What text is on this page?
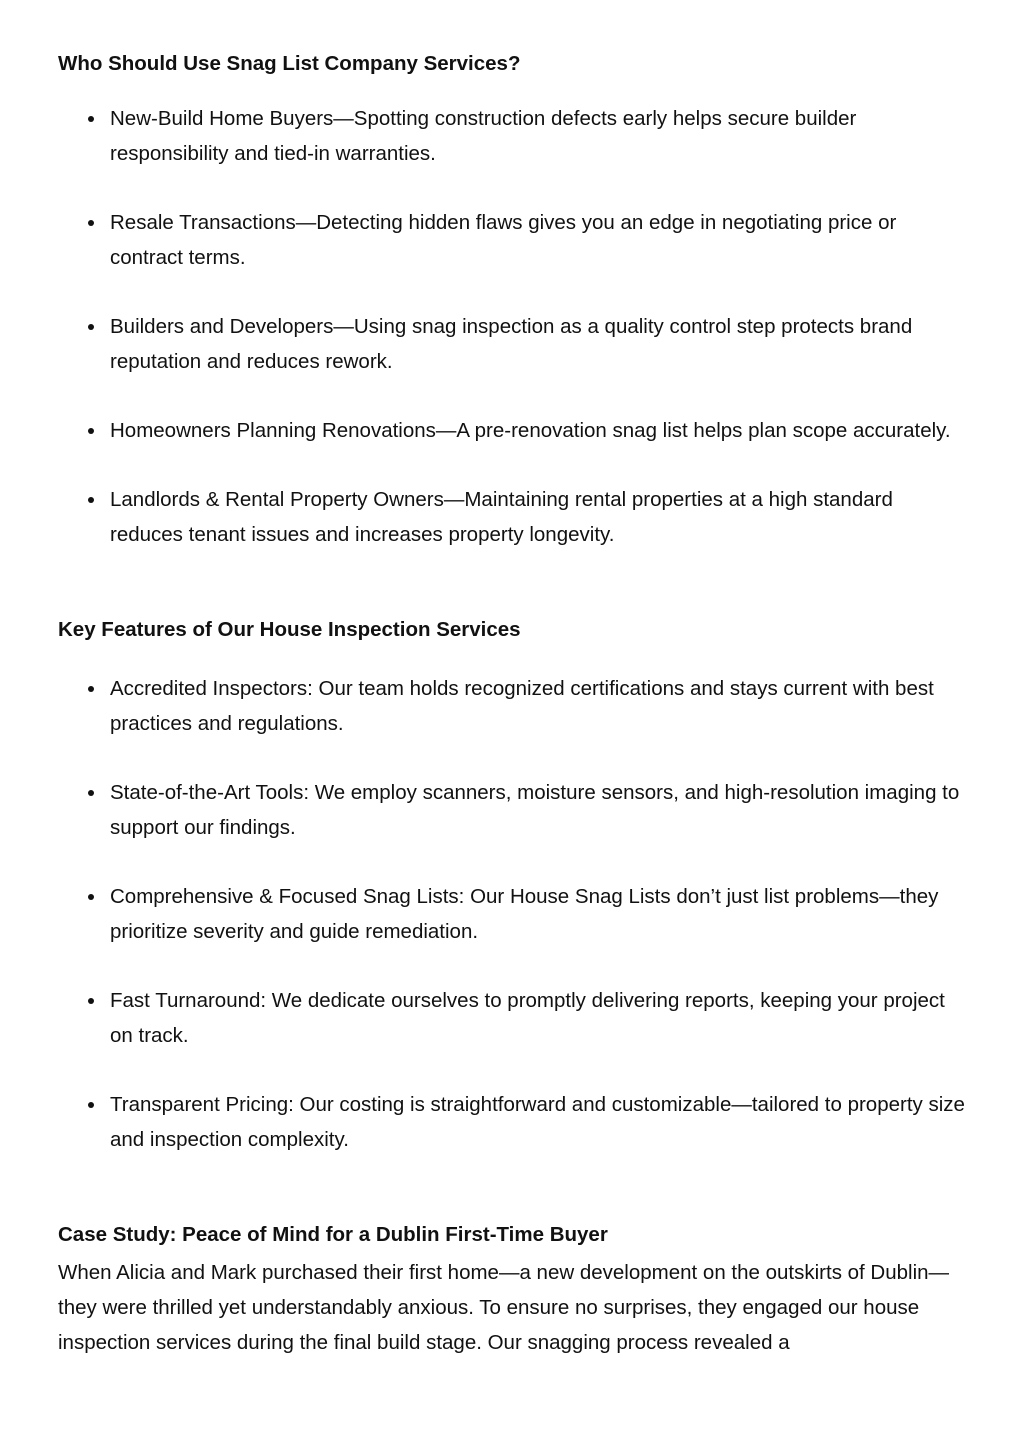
Who Should Use Snag List Company Services?
New-Build Home Buyers—Spotting construction defects early helps secure builder responsibility and tied-in warranties.
Resale Transactions—Detecting hidden flaws gives you an edge in negotiating price or contract terms.
Builders and Developers—Using snag inspection as a quality control step protects brand reputation and reduces rework.
Homeowners Planning Renovations—A pre-renovation snag list helps plan scope accurately.
Landlords & Rental Property Owners—Maintaining rental properties at a high standard reduces tenant issues and increases property longevity.
Key Features of Our House Inspection Services
Accredited Inspectors: Our team holds recognized certifications and stays current with best practices and regulations.
State-of-the-Art Tools: We employ scanners, moisture sensors, and high-resolution imaging to support our findings.
Comprehensive & Focused Snag Lists: Our House Snag Lists don’t just list problems—they prioritize severity and guide remediation.
Fast Turnaround: We dedicate ourselves to promptly delivering reports, keeping your project on track.
Transparent Pricing: Our costing is straightforward and customizable—tailored to property size and inspection complexity.
Case Study: Peace of Mind for a Dublin First-Time Buyer

When Alicia and Mark purchased their first home—a new development on the outskirts of Dublin—they were thrilled yet understandably anxious. To ensure no surprises, they engaged our house inspection services during the final build stage. Our snagging process revealed a
